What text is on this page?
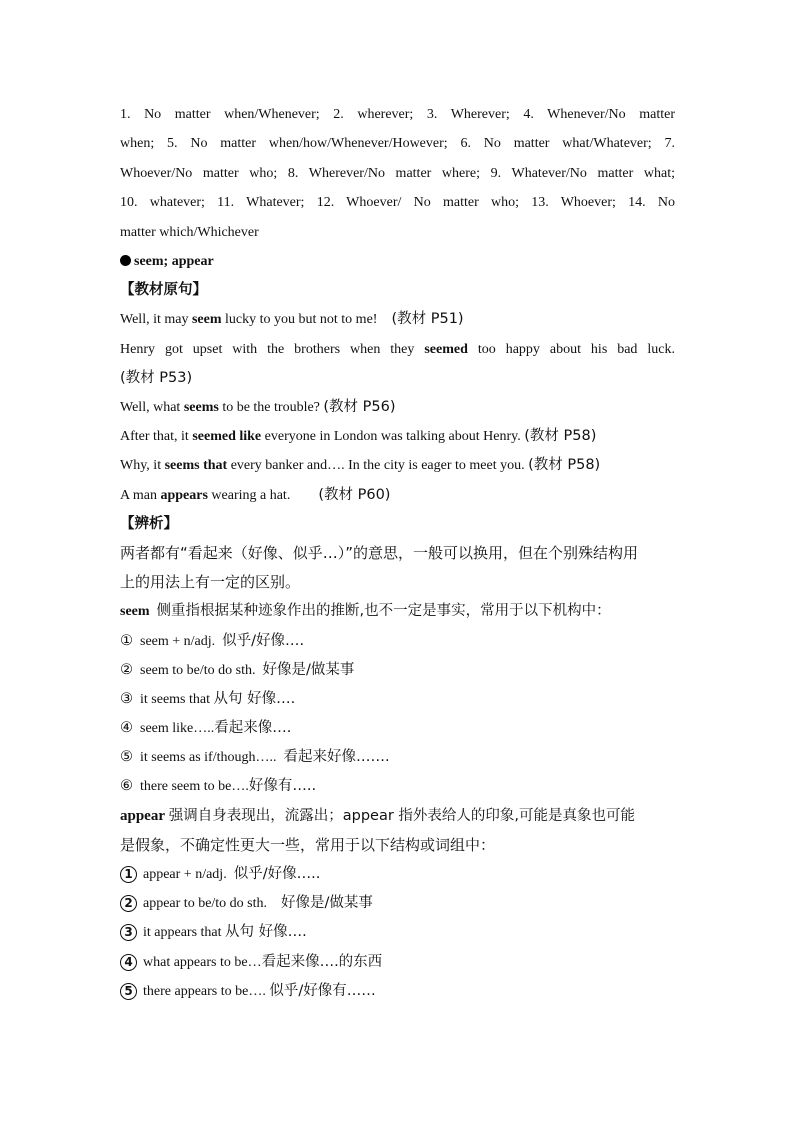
1. No matter when/Whenever; 2. wherever; 3. Wherever; 4. Whenever/No matter

when; 5. No matter when/how/Whenever/However; 6. No matter what/Whatever; 7.

Whoever/No matter who; 8. Wherever/No matter where; 9. Whatever/No matter what;

10. whatever; 11. Whatever; 12. Whoever/ No matter who; 13. Whoever; 14. No

matter which/Whichever

seem; appear
【教材原句】
Well, it may seem lucky to you but not to me! (教材 P51)
Henry got upset with the brothers when they seemed too happy about his bad luck.
(教材 P53)
Well, what seems to be the trouble? (教材 P56)
After that, it seemed like everyone in London was talking about Henry. (教材 P58)
Why, it seems that every banker and…. In the city is eager to meet you. (教材 P58)
A man appears wearing a hat. (教材 P60)
【辨析】

两者都有“看起来（好像、似乎…）”的意思，一般可以换用，但在个别殊结构用

上的用法上有一定的区别。

seem 侧重指根据某种迹象作出的推断,也不一定是事实，常用于以下机构中：
① seem + n/adj. 似乎/好像….
② seem to be/to do sth. 好像是/做某事
③ it seems that 从句 好像….
④ seem like…..看起来像….
⑤ it seems as if/though….. 看起来好像…….
⑥ there seem to be….好像有…..

appear 强调自身表现出，流露出；appear 指外表给人的印象,可能是真象也可能

是假象，不确定性更大一些，常用于以下结构或词组中：

1 appear + n/adj. 似乎/好像…..
2 appear to be/to do sth. 好像是/做某事
3 it appears that 从句 好像….
4 what appears to be…看起来像….的东西
5 there appears to be…. 似乎/好像有……
